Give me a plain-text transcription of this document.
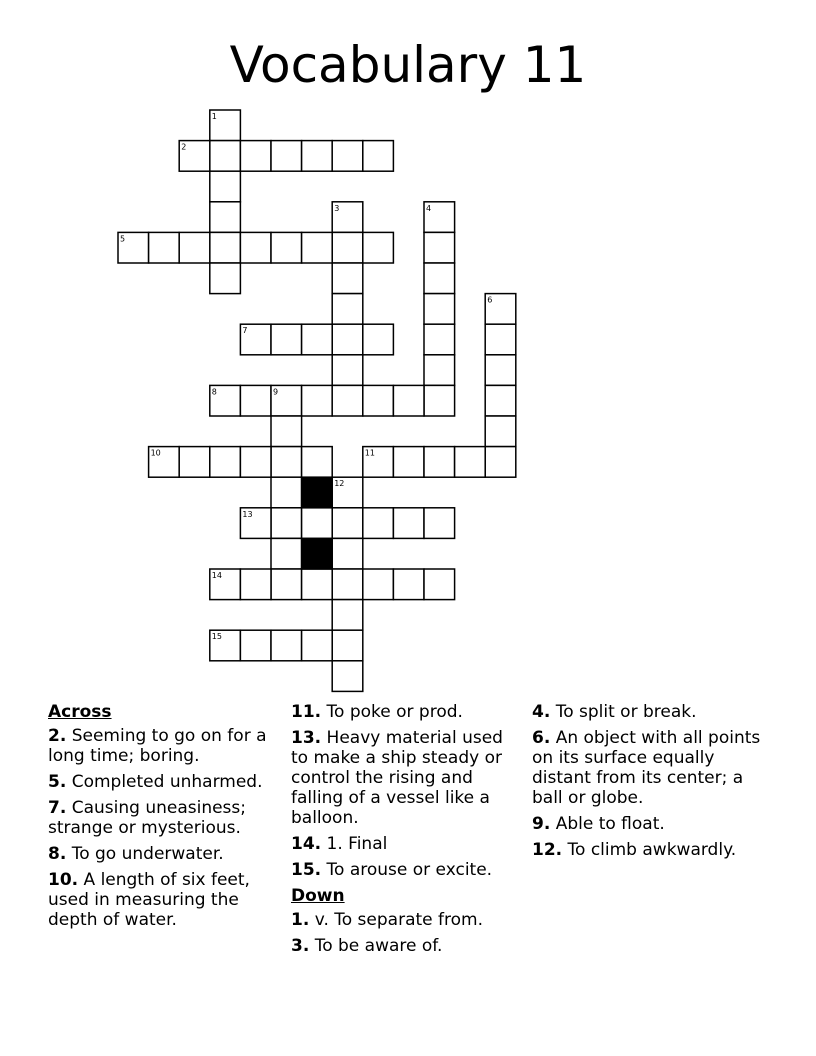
Vocabulary 11
1
2
3	4
5
6
7
8	9
10	11
12
13
14
15
Across
2. Seeming to go on for a long time; boring.
5. Completed unharmed.
7. Causing uneasiness; strange or mysterious.
8. To go underwater.
10. A length of six feet, used in measuring the depth of water.
11. To poke or prod.
13. Heavy material used to make a ship steady or control the rising and falling of a vessel like a balloon.
14. 1. Final
15. To arouse or excite.
Down
1. v. To separate from.
3. To be aware of.
4. To split or break.
6. An object with all points on its surface equally distant from its center; a ball or globe.
9. Able to float.
12. To climb awkwardly.
